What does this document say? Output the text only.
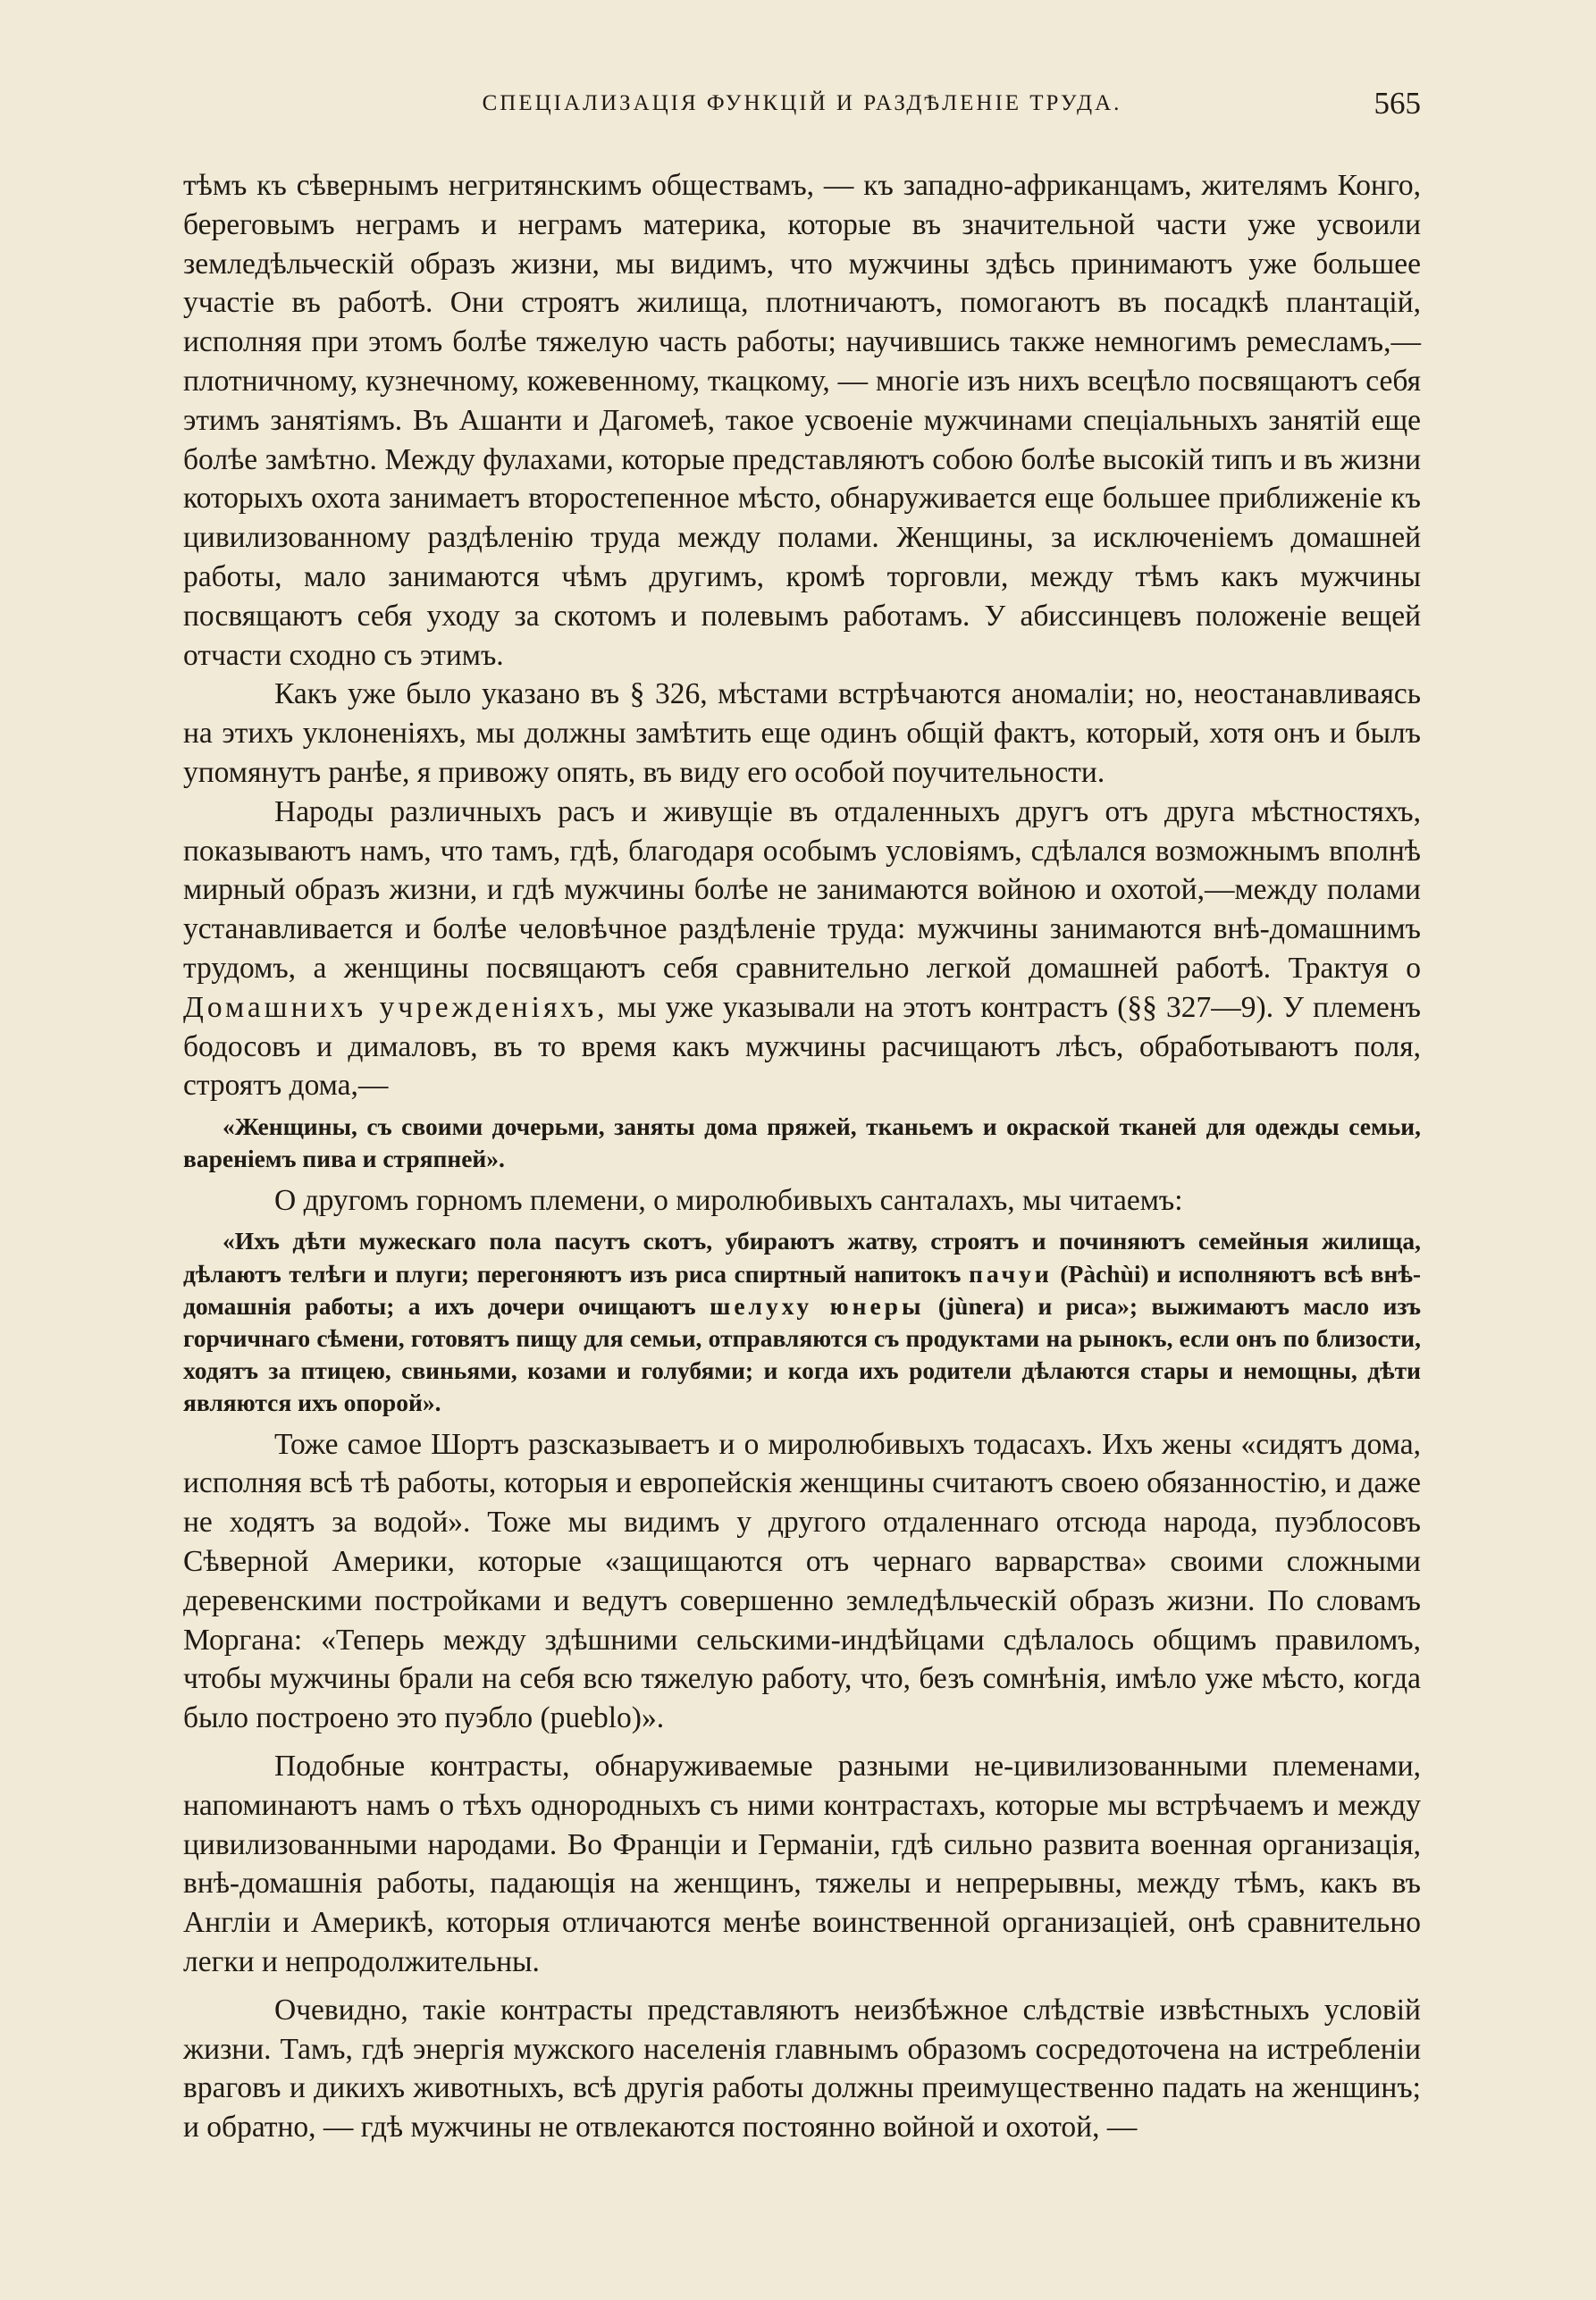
СПЕЦІАЛИЗАЦІЯ ФУНКЦІЙ И РАЗДѢЛЕНІЕ ТРУДА.	565

тѣмъ къ сѣвернымъ негритянскимъ обществамъ, — къ западно-африканцамъ, жителямъ Конго, береговымъ неграмъ и неграмъ материка, которые въ значительной части уже усвоили земледѣльческій образъ жизни, мы видимъ, что мужчины здѣсь принимаютъ уже большее участіе въ работѣ. Они строятъ жилища, плотничаютъ, помогаютъ въ посадкѣ плантацій, исполняя при этомъ болѣе тяжелую часть работы; научившись также немногимъ ремесламъ,—плотничному, кузнечному, кожевенному, ткацкому, — многіе изъ нихъ всецѣло посвящаютъ себя этимъ занятіямъ. Въ Ашанти и Дагомеѣ, такое усвоеніе мужчинами спеціальныхъ занятій еще болѣе замѣтно. Между фулахами, которые представляютъ собою болѣе высокій типъ и въ жизни которыхъ охота занимаетъ второстепенное мѣсто, обнаруживается еще большее приближеніе къ цивилизованному раздѣленію труда между полами. Женщины, за исключеніемъ домашней работы, мало занимаются чѣмъ другимъ, кромѣ торговли, между тѣмъ какъ мужчины посвящаютъ себя уходу за скотомъ и полевымъ работамъ. У абиссинцевъ положеніе вещей отчасти сходно съ этимъ.

Какъ уже было указано въ § 326, мѣстами встрѣчаются аномаліи; но, неостанавливаясь на этихъ уклоненіяхъ, мы должны замѣтить еще одинъ общій фактъ, который, хотя онъ и былъ упомянутъ ранѣе, я привожу опять, въ виду его особой поучительности.

Народы различныхъ расъ и живущіе въ отдаленныхъ другъ отъ друга мѣстностяхъ, показываютъ намъ, что тамъ, гдѣ, благодаря особымъ условіямъ, сдѣлался возможнымъ вполнѣ мирный образъ жизни, и гдѣ мужчины болѣе не занимаются войною и охотой,—между полами устанавливается и болѣе человѣчное раздѣленіе труда: мужчины занимаются внѣ-домашнимъ трудомъ, а женщины посвящаютъ себя сравнительно легкой домашней работѣ. Трактуя о Домашнихъ учрежденіяхъ, мы уже указывали на этотъ контрастъ (§§ 327—9). У племенъ бодосовъ и дималовъ, въ то время какъ мужчины расчищаютъ лѣсъ, обработываютъ поля, строятъ дома,—

«Женщины, съ своими дочерьми, заняты дома пряжей, тканьемъ и окраской тканей для одежды семьи, вареніемъ пива и стряпней».

О другомъ горномъ племени, о миролюбивыхъ санталахъ, мы читаемъ:

«Ихъ дѣти мужескаго пола пасутъ скотъ, убираютъ жатву, строятъ и починяютъ семейныя жилища, дѣлаютъ телѣги и плуги; перегоняютъ изъ риса спиртный напитокъ пачуи (Pàchùi) и исполняютъ всѣ внѣ-домашнія работы; а ихъ дочери очищаютъ шелуху юнеры (jùnera) и риса»; выжимаютъ масло изъ горчичнаго сѣмени, готовятъ пищу для семьи, отправляются съ продуктами на рынокъ, если онъ по близости, ходятъ за птицею, свиньями, козами и голубями; и когда ихъ родители дѣлаются стары и немощны, дѣти являются ихъ опорой».

Тоже самое Шортъ разсказываетъ и о миролюбивыхъ тодасахъ. Ихъ жены «сидятъ дома, исполняя всѣ тѣ работы, которыя и европейскія женщины считаютъ своею обязанностію, и даже не ходятъ за водой». Тоже мы видимъ у другого отдаленнаго отсюда народа, пуэблосовъ Сѣверной Америки, которые «защищаются отъ чернаго варварства» своими сложными деревенскими постройками и ведутъ совершенно земледѣльческій образъ жизни. По словамъ Моргана: «Теперь между здѣшними сельскими-индѣйцами сдѣлалось общимъ правиломъ, чтобы мужчины брали на себя всю тяжелую работу, что, безъ сомнѣнія, имѣло уже мѣсто, когда было построено это пуэбло (pueblo)».

Подобные контрасты, обнаруживаемые разными не-цивилизованными племенами, напоминаютъ намъ о тѣхъ однородныхъ съ ними контрастахъ, которые мы встрѣчаемъ и между цивилизованными народами. Во Франціи и Германіи, гдѣ сильно развита военная организація, внѣ-домашнія работы, падающія на женщинъ, тяжелы и непрерывны, между тѣмъ, какъ въ Англіи и Америкѣ, которыя отличаются менѣе воинственной организаціей, онѣ сравнительно легки и непродолжительны.

Очевидно, такіе контрасты представляютъ неизбѣжное слѣдствіе извѣстныхъ условій жизни. Тамъ, гдѣ энергія мужского населенія главнымъ образомъ сосредоточена на истребленіи враговъ и дикихъ животныхъ, всѣ другія работы должны преимущественно падать на женщинъ; и обратно, — гдѣ мужчины не отвлекаются постоянно войной и охотой, —
